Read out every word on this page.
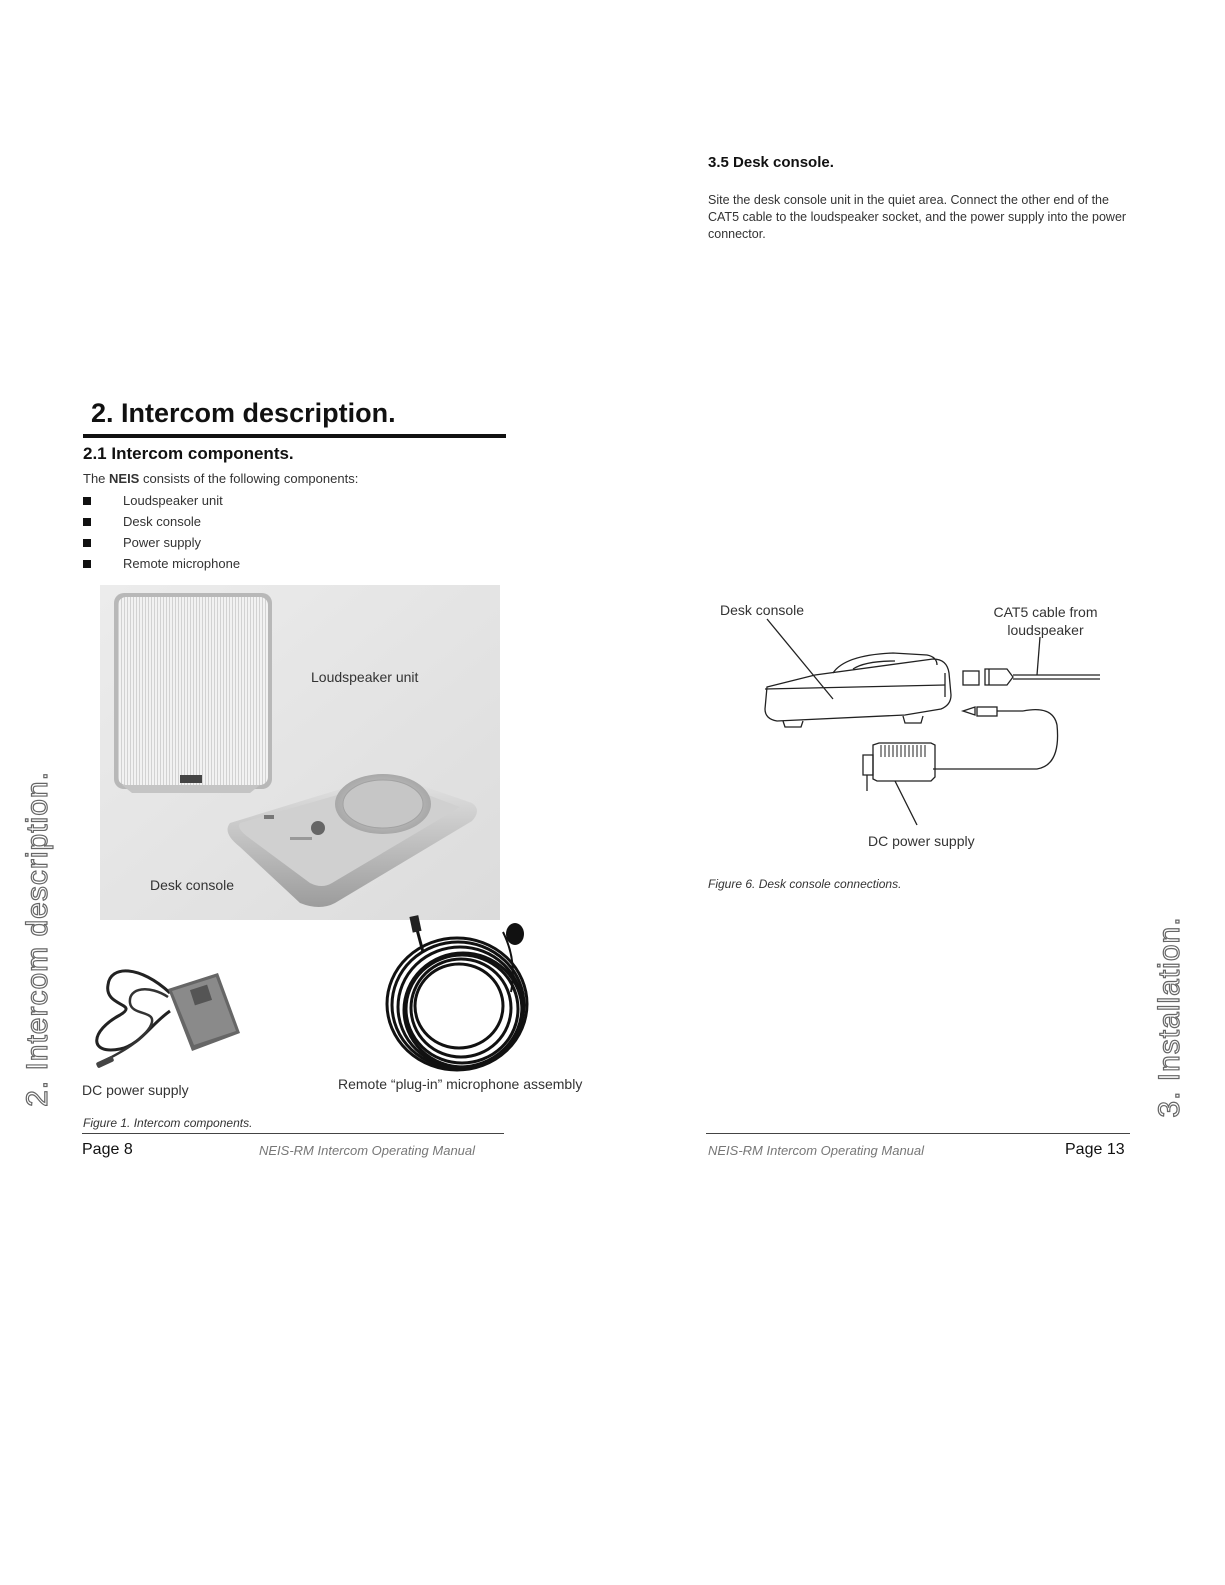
2. Intercom description.
2.1 Intercom components.
The NEIS consists of the following components:
Loudspeaker unit
Desk console
Power supply
Remote microphone
Loudspeaker unit
Desk console
DC power supply	Remote “plug-in” microphone assembly
Figure 1. Intercom components.
Page 8	NEIS-RM Intercom Operating Manual
2. Intercom description.
3.5 Desk console.
Site the desk console unit in the quiet area. Connect the other end of the CAT5 cable to the loudspeaker socket, and the power supply into the power connector.
Desk console	CAT5 cable from
loudspeaker
DC power supply
Figure 6. Desk console connections.
NEIS-RM Intercom Operating Manual	Page 13
3. Installation.
